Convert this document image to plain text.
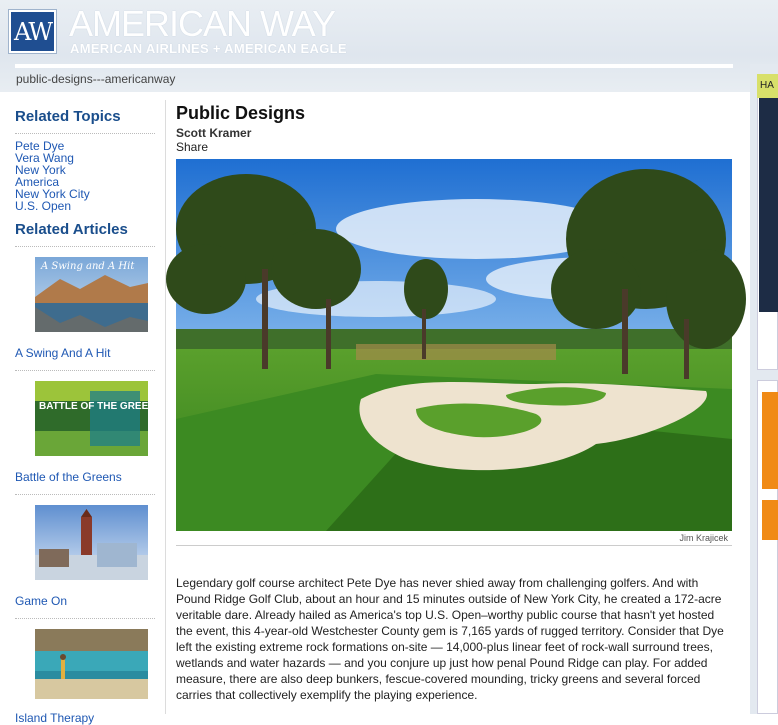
AW AMERICAN WAY
AMERICAN AIRLINES + AMERICAN EAGLE
public-designs---americanway
Related Topics
Pete Dye
Vera Wang
New York
America
New York City
U.S. Open
Related Articles
A Swing and A Hit
A Swing And A Hit
BATTLE OF THE GREENS
Battle of the Greens
Game On
Island Therapy
Public Designs
Scott Kramer
Share
Jim Krajicek
Legendary golf course architect Pete Dye has never shied away from challenging golfers. And with Pound Ridge Golf Club, about an hour and 15 minutes outside of New York City, he created a 172-acre veritable dare. Already hailed as America's top U.S. Open–worthy public course that hasn't yet hosted the event, this 4-year-old Westchester County gem is 7,165 yards of rugged territory. Consider that Dye left the existing extreme rock formations on-site — 14,000-plus linear feet of rock-wall surround trees, wetlands and water hazards — and you conjure up just how penal Pound Ridge can play. For added measure, there are also deep bunkers, fescue-covered mounding, tricky greens and several forced carries that collectively exemplify the playing experience.
HA
